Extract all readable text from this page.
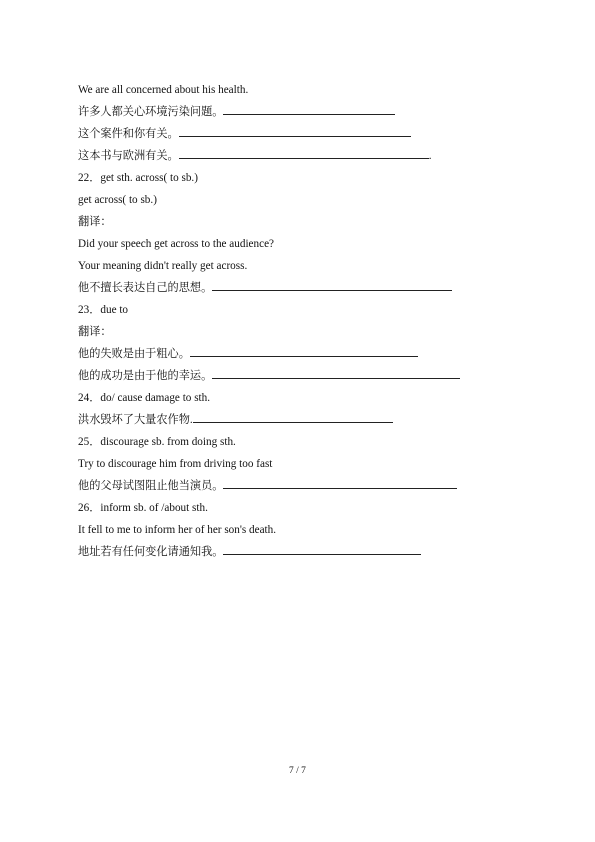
We are all concerned about his health.
许多人都关心环境污染问题。
这个案件和你有关。
这本书与欧洲有关。	.
22．get sth. across( to sb.)
get across( to sb.)
翻译：
Did your speech get across to the audience?
Your meaning didn't really get across.
他不擅长表达自己的思想。
23．due to
翻译：
他的失败是由于粗心。
他的成功是由于他的幸运。
24．do/ cause damage to sth.
洪水毁坏了大量农作物.
25．discourage sb. from doing sth.
Try to discourage him from driving too fast
他的父母试图阻止他当演员。
26．inform sb. of /about sth.
It fell to me to inform her of her son's death.
地址若有任何变化请通知我。
7 / 7
